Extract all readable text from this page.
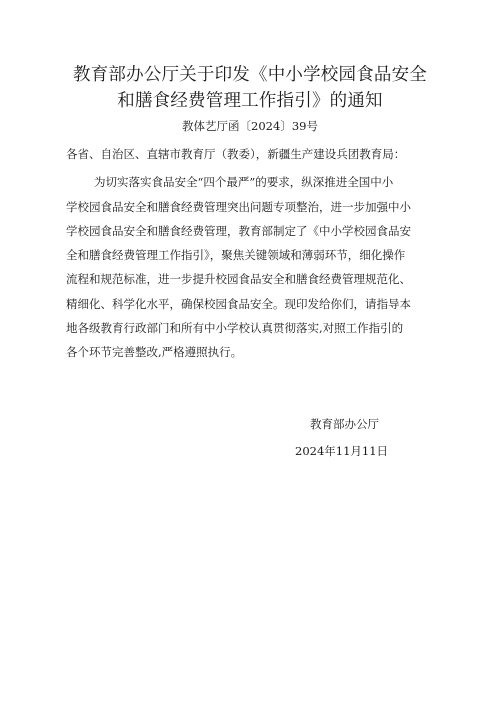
教育部办公厅关于印发《中小学校园食品安全
和膳食经费管理工作指引》的通知
教体艺厅函〔2024〕39号
各省、自治区、直辖市教育厅（教委），新疆生产建设兵团教育局：
为切实落实食品安全“四个最严”的要求，纵深推进全国中小
学校园食品安全和膳食经费管理突出问题专项整治，进一步加强中小
学校园食品安全和膳食经费管理，教育部制定了《中小学校园食品安
全和膳食经费管理工作指引》，聚焦关键领域和薄弱环节，细化操作
流程和规范标准，进一步提升校园食品安全和膳食经费管理规范化、
精细化、科学化水平，确保校园食品安全。现印发给你们，请指导本
地各级教育行政部门和所有中小学校认真贯彻落实,对照工作指引的
各个环节完善整改,严格遵照执行。
教育部办公厅
2024年11月11日
